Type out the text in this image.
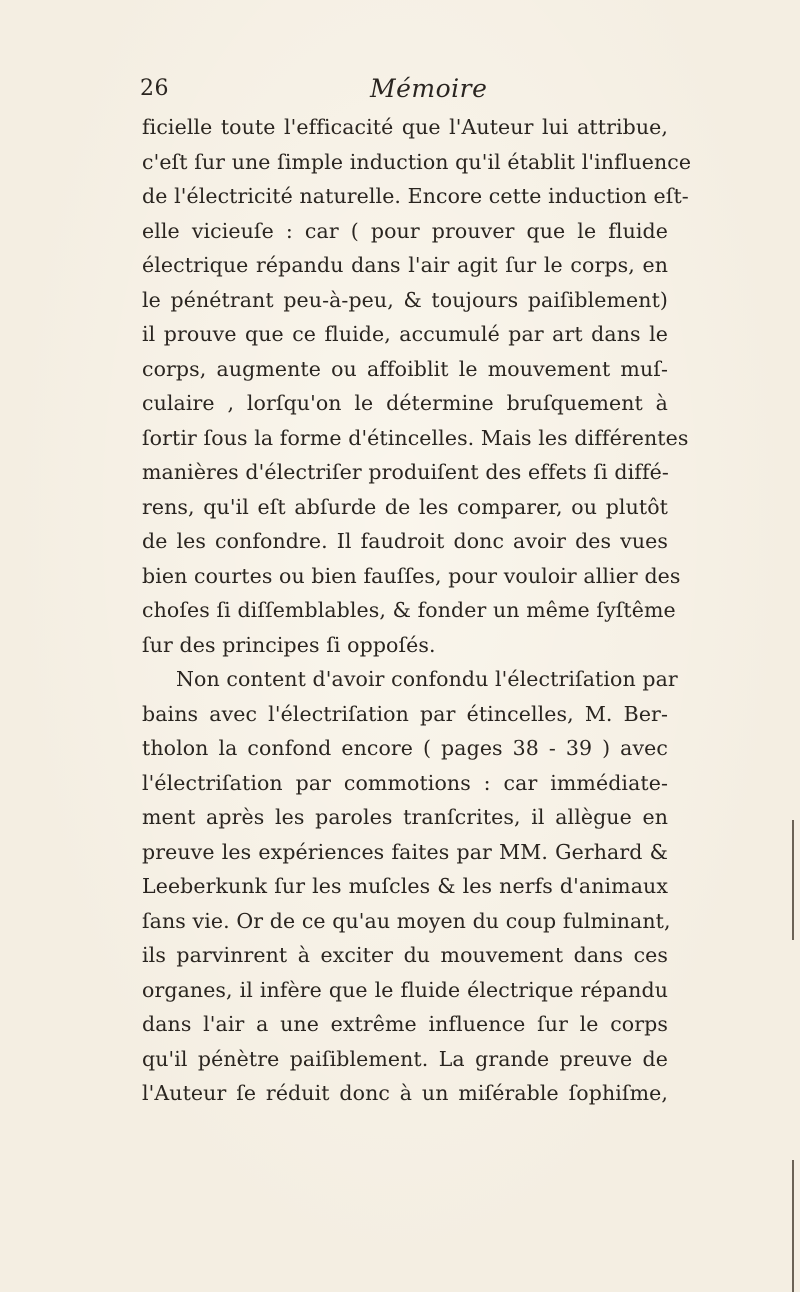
26	Mémoire
ficielle toute l'efficacité que l'Auteur lui attribue,
c'eſt ſur une ſimple induction qu'il établit l'influence
de l'électricité naturelle. Encore cette induction eſt-
elle vicieuſe : car ( pour prouver que le fluide
électrique répandu dans l'air agit ſur le corps, en
le pénétrant peu-à-peu, & toujours paiſiblement)
il prouve que ce fluide, accumulé par art dans le
corps, augmente ou affoiblit le mouvement muſ-
culaire , lorſqu'on le détermine bruſquement à
ſortir ſous la forme d'étincelles. Mais les différentes
manières d'électriſer produiſent des effets ſi diffé-
rens, qu'il eſt abſurde de les comparer, ou plutôt
de les confondre. Il faudroit donc avoir des vues
bien courtes ou bien fauſſes, pour vouloir allier des
choſes ſi diſſemblables, & fonder un même ſyſtême
ſur des principes ſi oppoſés.
Non content d'avoir confondu l'électriſation par
bains avec l'électriſation par étincelles, M. Ber-
tholon la confond encore ( pages 38 - 39 ) avec
l'électriſation par commotions : car immédiate-
ment après les paroles tranſcrites, il allègue en
preuve les expériences faites par MM. Gerhard &
Leeberkunk ſur les muſcles & les nerfs d'animaux
ſans vie. Or de ce qu'au moyen du coup fulminant,
ils parvinrent à exciter du mouvement dans ces
organes, il infère que le fluide électrique répandu
dans l'air a une extrême influence ſur le corps
qu'il pénètre paiſiblement. La grande preuve de
l'Auteur ſe réduit donc à un miſérable ſophiſme,
